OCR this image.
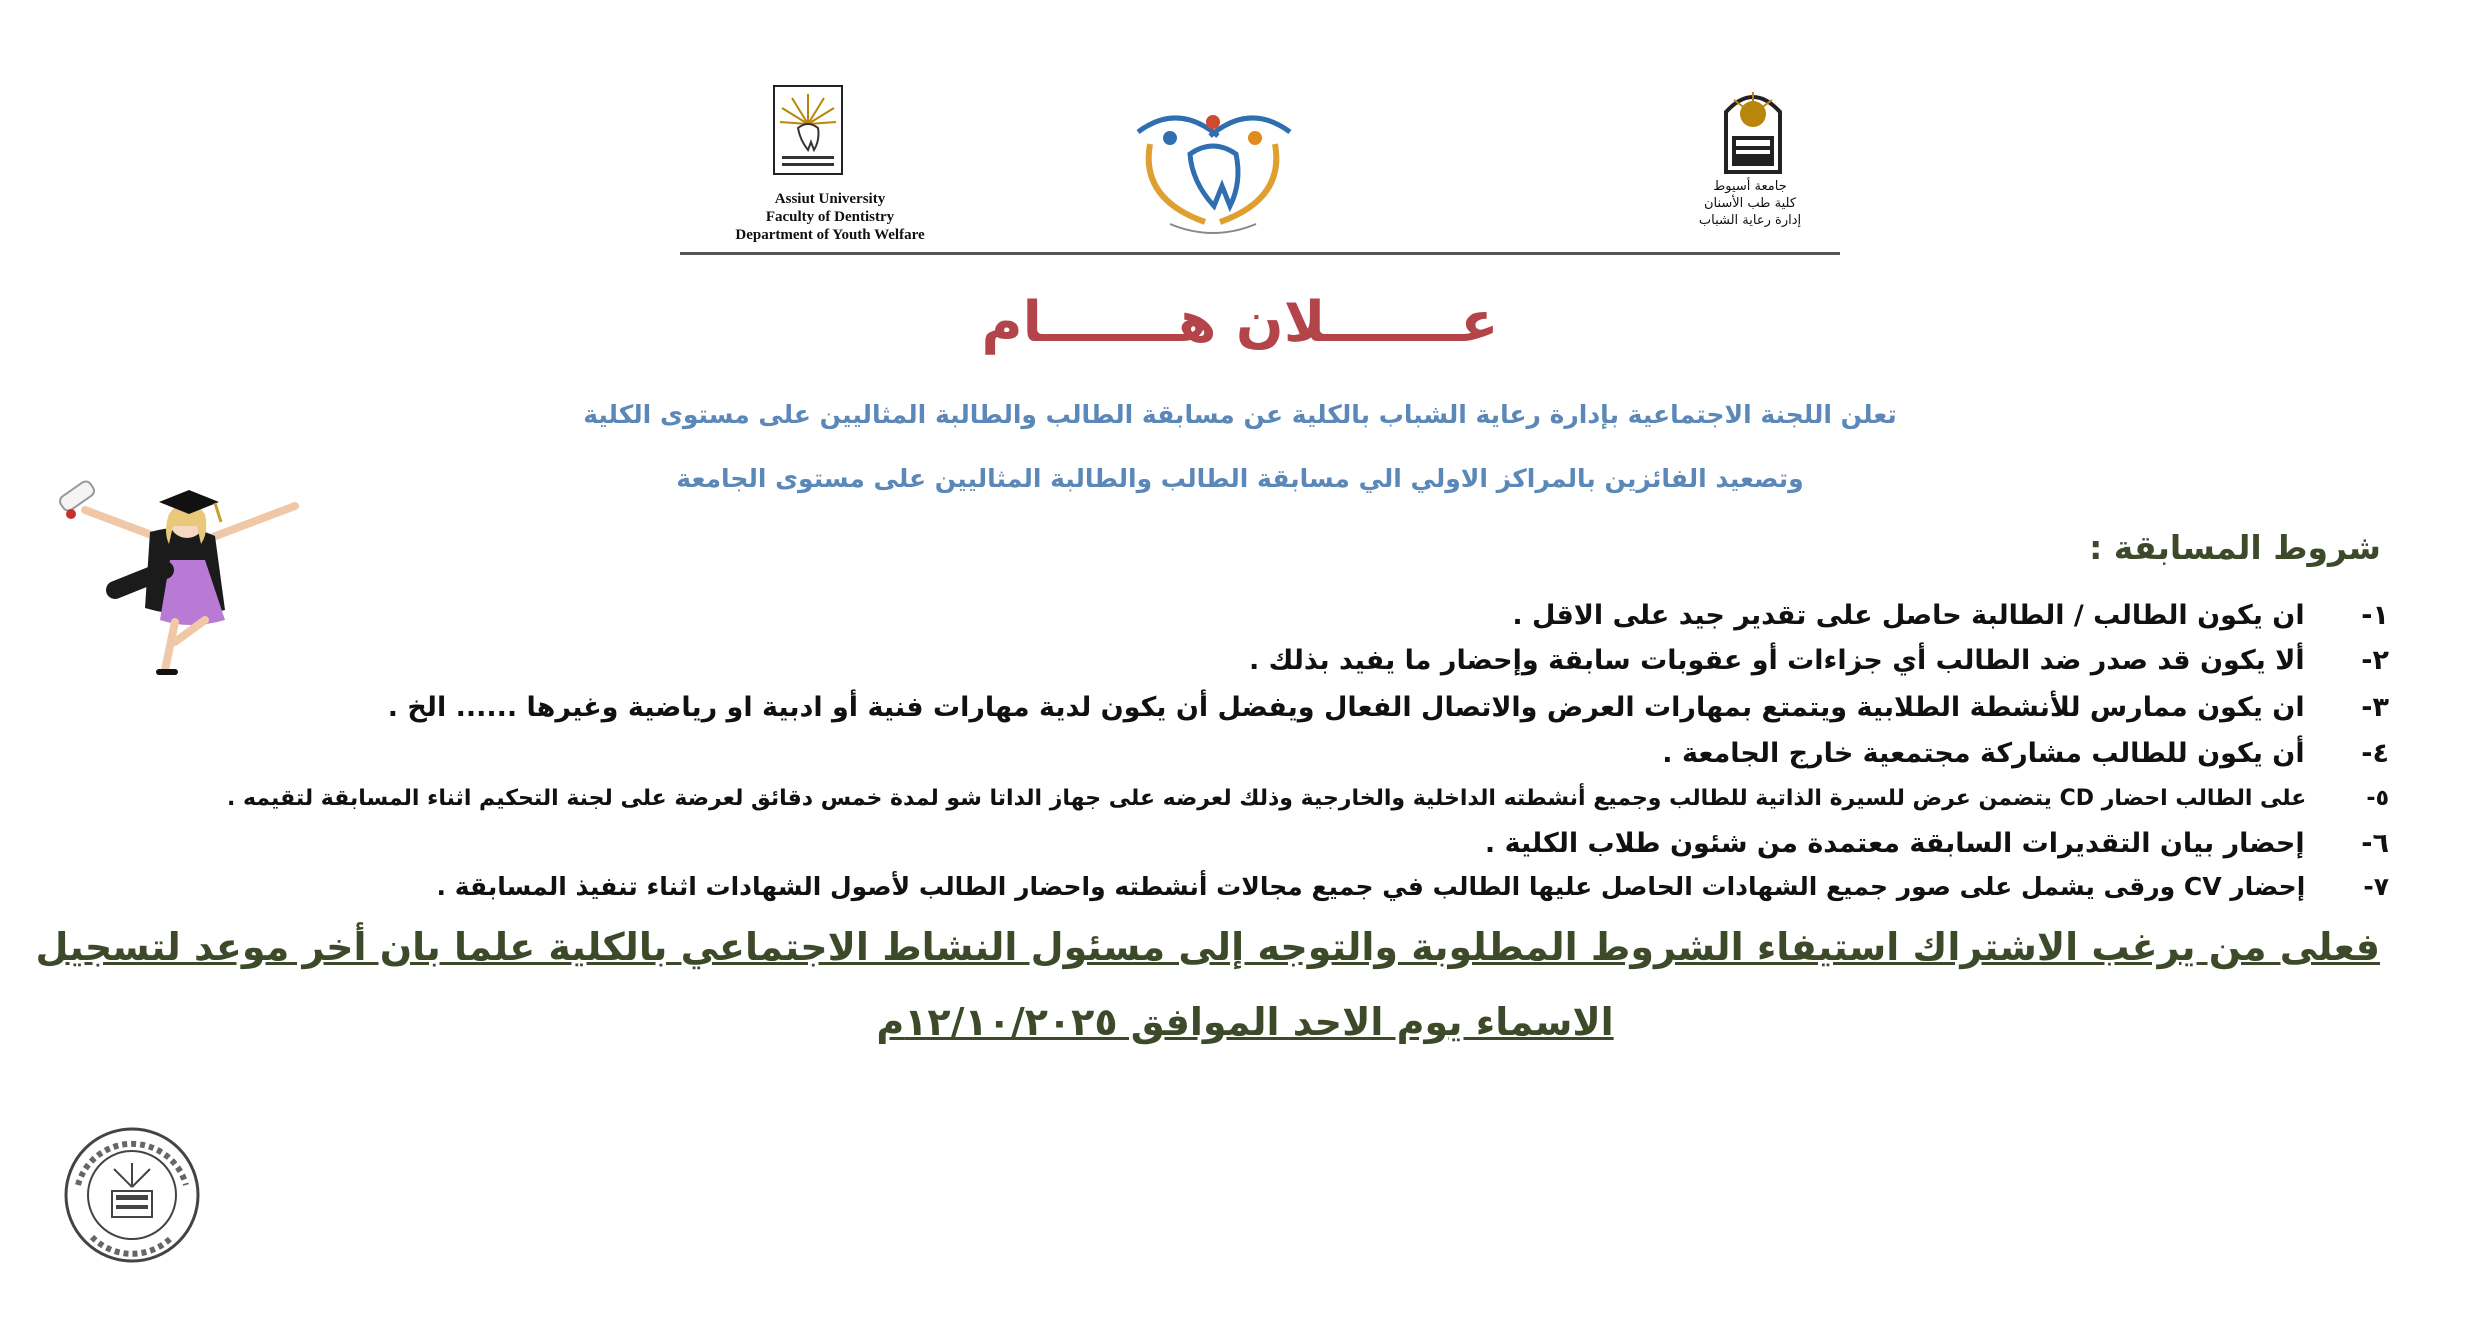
Assiut University
Faculty of Dentistry
Department of Youth Welfare
جامعة أسيوط
كلية طب الأسنان
إدارة رعاية الشباب
عـــــــلان هـــــــام
تعلن اللجنة الاجتماعية بإدارة رعاية الشباب بالكلية عن مسابقة الطالب والطالبة المثاليين على مستوى الكلية
وتصعيد الفائزين بالمراكز الاولي الي مسابقة الطالب والطالبة المثاليين على مستوى الجامعة
شروط المسابقة :
١- ان يكون الطالب / الطالبة حاصل على تقدير جيد على الاقل .
٢- ألا يكون قد صدر ضد الطالب أي جزاءات أو عقوبات سابقة وإحضار ما يفيد بذلك .
٣- ان يكون ممارس للأنشطة الطلابية ويتمتع بمهارات العرض والاتصال الفعال ويفضل أن يكون لدية مهارات فنية أو ادبية او رياضية وغيرها ...... الخ .
٤- أن يكون للطالب مشاركة مجتمعية خارج الجامعة .
٥- على الطالب احضار CD يتضمن عرض للسيرة الذاتية للطالب وجميع أنشطته الداخلية والخارجية وذلك لعرضه على جهاز الداتا شو لمدة خمس دقائق لعرضة على لجنة التحكيم اثناء المسابقة لتقيمه .
٦- إحضار بيان التقديرات السابقة معتمدة من شئون طلاب الكلية .
٧- إحضار CV ورقى يشمل على صور جميع الشهادات الحاصل عليها الطالب في جميع مجالات أنشطته واحضار الطالب لأصول الشهادات اثناء تنفيذ المسابقة .
فعلى من يرغب الاشتراك استيفاء الشروط المطلوبة والتوجه إلى مسئول النشاط الاجتماعي بالكلية علما بان أخر موعد لتسجيل
الاسماء يوم الاحد الموافق ١٢/١٠/٢٠٢٥م
